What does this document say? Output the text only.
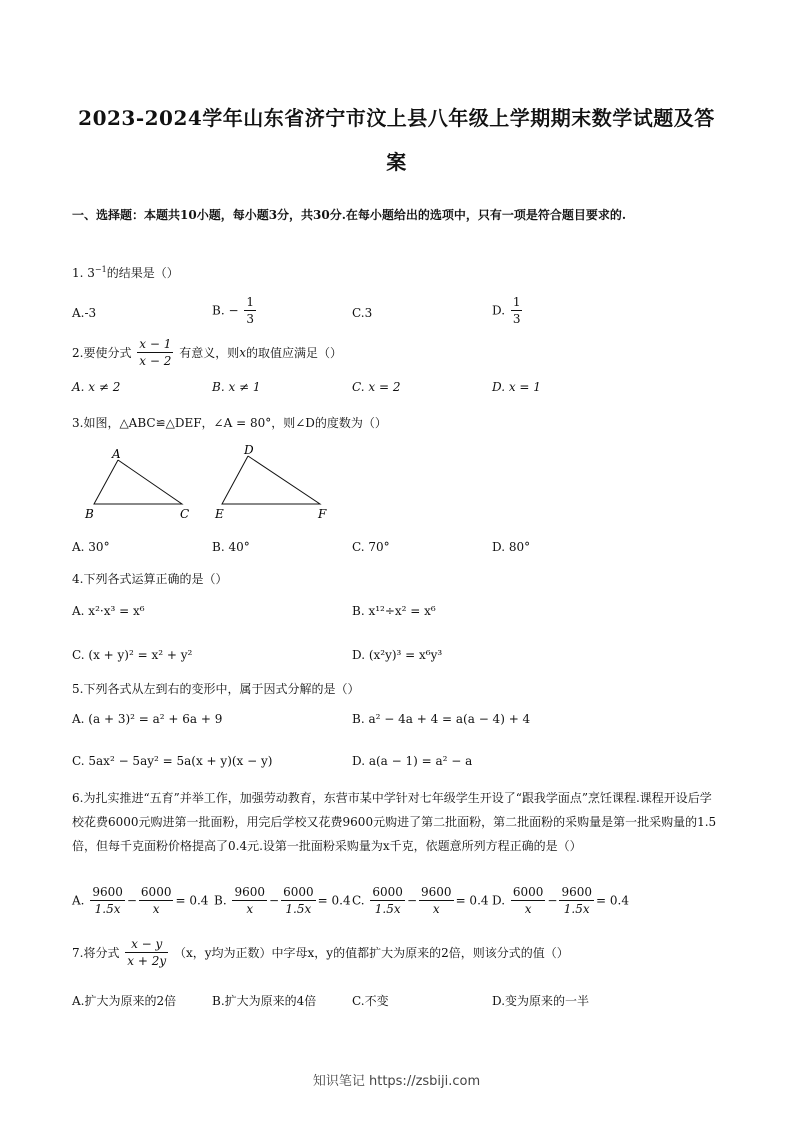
2023-2024学年山东省济宁市汶上县八年级上学期期末数学试题及答
案
一、选择题：本题共10小题，每小题3分，共30分.在每小题给出的选项中，只有一项是符合题目要求的.
1. $3^{-1}$的结果是（）
A.-3	B. − $\frac{1}{3}$	C.3	D. $\frac{1}{3}$
2.要使分式 $\frac{x - 1}{x - 2}$ 有意义，则x的取值应满足（）
A. x ≠ 2	B. x ≠ 1	C. x = 2	D. x = 1
3.如图，△ABC≌△DEF，∠A = 80°，则∠D的度数为（）
A
B	C
D
E	F
A. 30°	B. 40°	C. 70°	D. 80°
4.下列各式运算正确的是（）
A. x²·x³ = x⁶	B. x¹²÷x² = x⁶
C. (x + y)² = x² + y²	D. (x²y)³ = x⁶y³
5.下列各式从左到右的变形中，属于因式分解的是（）
A. (a + 3)² = a² + 6a + 9	B. a² − 4a + 4 = a(a − 4) + 4
C. 5ax² − 5ay² = 5a(x + y)(x − y)	D. a(a − 1) = a² − a
6.为扎实推进“五育”并举工作，加强劳动教育，东营市某中学针对七年级学生开设了“跟我学面点”烹饪课程.课程开设后学校花费6000元购进第一批面粉，用完后学校又花费9600元购进了第二批面粉，第二批面粉的采购量是第一批采购量的1.5倍，但每千克面粉价格提高了0.4元.设第一批面粉采购量为x千克，依题意所列方程正确的是（）
A. $\frac{9600}{1.5x} - \frac{6000}{x} = 0.4$ B. $\frac{9600}{x} - \frac{6000}{1.5x} = 0.4$ C. $\frac{6000}{1.5x} - \frac{9600}{x} = 0.4$ D. $\frac{6000}{x} - \frac{9600}{1.5x} = 0.4$
7.将分式 $\frac{x - y}{x + 2y} (x$，y均为正数）中字母x，y的值都扩大为原来的2倍，则该分式的值（）
A.扩大为原来的2倍	B.扩大为原来的4倍	C.不变	D.变为原来的一半
知识笔记 https://zsbiji.com
